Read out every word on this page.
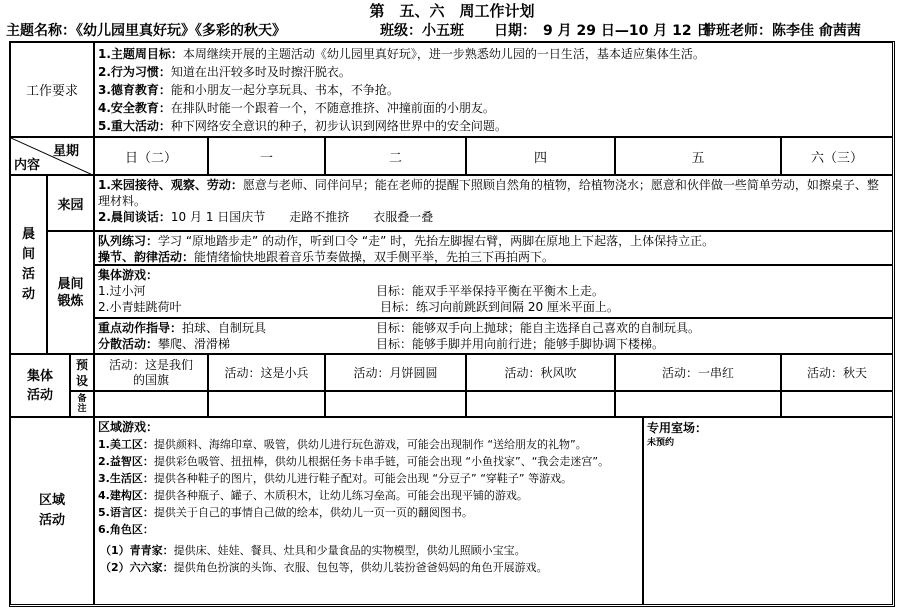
第　五、六　周工作计划
主题名称：《幼儿园里真好玩》《多彩的秋天》	班级：小五班 日期：　9 月 29 日—10 月 12 日
带班老师：陈李佳 俞茜茜
工作要求

1.主题周目标：本周继续开展的主题活动《幼儿园里真好玩》，进一步熟悉幼儿园的一日生活，基本适应集体生活。

2.行为习惯：知道在出汗较多时及时擦汗脱衣。

3.德育教育：能和小朋友一起分享玩具、书本，不争抢。

4.安全教育：在排队时能一个跟着一个，不随意推挤、冲撞前面的小朋友。

5.重大活动：种下网络安全意识的种子，初步认识到网络世界中的安全问题。

星期
内容	日（二）	一	二	四	五	六（三）
晨间活动
来园

1.来园接待、观察、劳动：愿意与老师、同伴问早；能在老师的提醒下照顾自然角的植物，给植物浇水；愿意和伙伴做一些简单劳动，如擦桌子、整理材料。

2.晨间谈话：10 月 1 日国庆节　　走路不推挤　　衣服叠一叠

晨间锻炼

队列练习：学习 “原地踏步走” 的动作，听到口令 “走” 时，先抬左脚握右臂，两脚在原地上下起落，上体保持立正。

操节、韵律活动：能情绪愉快地跟着音乐节奏做操，双手侧平举，先拍三下再拍两下。

集体游戏：

1.过小河	目标：能双手平举保持平衡在平衡木上走。

2.小青蛙跳荷叶	目标：练习向前跳跃到间隔 20 厘米平面上。

重点动作指导：拍球、自制玩具	目标：能够双手向上抛球；能自主选择自己喜欢的自制玩具。

分散活动：攀爬、滑滑梯	目标：能够手脚并用向前行进；能够手脚协调下楼梯。

集体活动
预设
备注
活动：这是我们的国旗	活动：这是小兵	活动：月饼圆圆	活动：秋风吹	活动：一串红	活动：秋天
区域活动

区域游戏：

1.美工区：提供颜料、海绵印章、吸管，供幼儿进行玩色游戏，可能会出现制作 “送给朋友的礼物”。

2.益智区：提供彩色吸管、扭扭棒，供幼儿根据任务卡串手链，可能会出现 “小鱼找家”、“我会走迷宫”。

3.生活区：提供各种鞋子的图片，供幼儿进行鞋子配对。可能会出现 “分豆子” “穿鞋子” 等游戏。

4.建构区：提供各种瓶子、罐子、木质积木，让幼儿练习垒高。可能会出现平铺的游戏。

5.语言区：提供关于自己的事情自己做的绘本，供幼儿一页一页的翻阅图书。

6.角色区：

（1）青青家：提供床、娃娃、餐具、灶具和少量食品的实物模型，供幼儿照顾小宝宝。

（2）六六家：提供角色扮演的头饰、衣服、包包等，供幼儿装扮爸爸妈妈的角色开展游戏。

专用室场：

未预约
